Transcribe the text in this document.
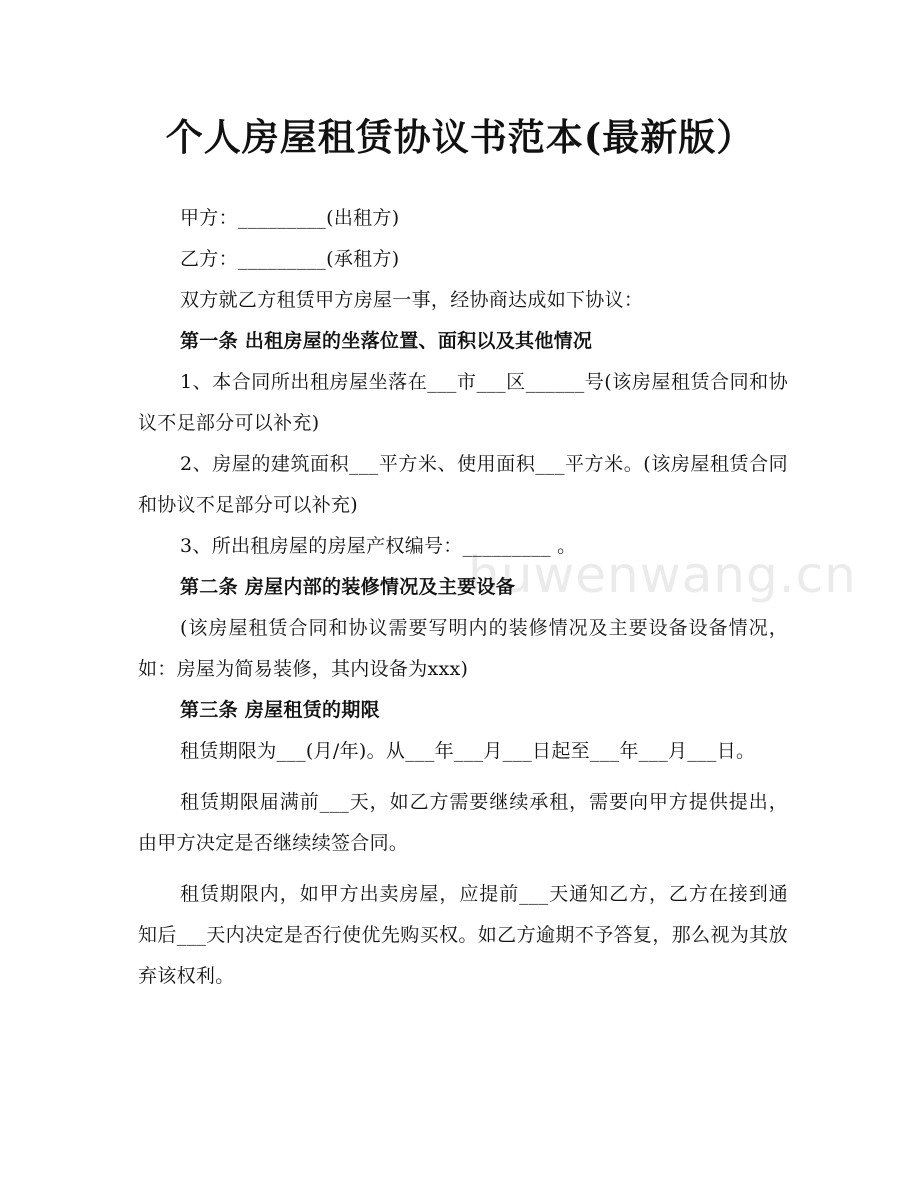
个人房屋租赁协议书范本(最新版）
huwenwang.cn

甲方：_________(出租方)

乙方：_________(承租方)

双方就乙方租赁甲方房屋一事，经协商达成如下协议：

第一条 出租房屋的坐落位置、面积以及其他情况

1、本合同所出租房屋坐落在___市___区______号(该房屋租赁合同和协议不足部分可以补充)

2、房屋的建筑面积___平方米、使用面积___平方米。(该房屋租赁合同和协议不足部分可以补充)

3、所出租房屋的房屋产权编号：_________ 。

第二条 房屋内部的装修情况及主要设备

(该房屋租赁合同和协议需要写明内的装修情况及主要设备设备情况，如：房屋为简易装修，其内设备为xxx)

第三条 房屋租赁的期限

租赁期限为___(月/年)。从___年___月___日起至___年___月___日。

租赁期限届满前___天，如乙方需要继续承租，需要向甲方提供提出，由甲方决定是否继续续签合同。

租赁期限内，如甲方出卖房屋，应提前___天通知乙方，乙方在接到通知后___天内决定是否行使优先购买权。如乙方逾期不予答复，那么视为其放弃该权利。
